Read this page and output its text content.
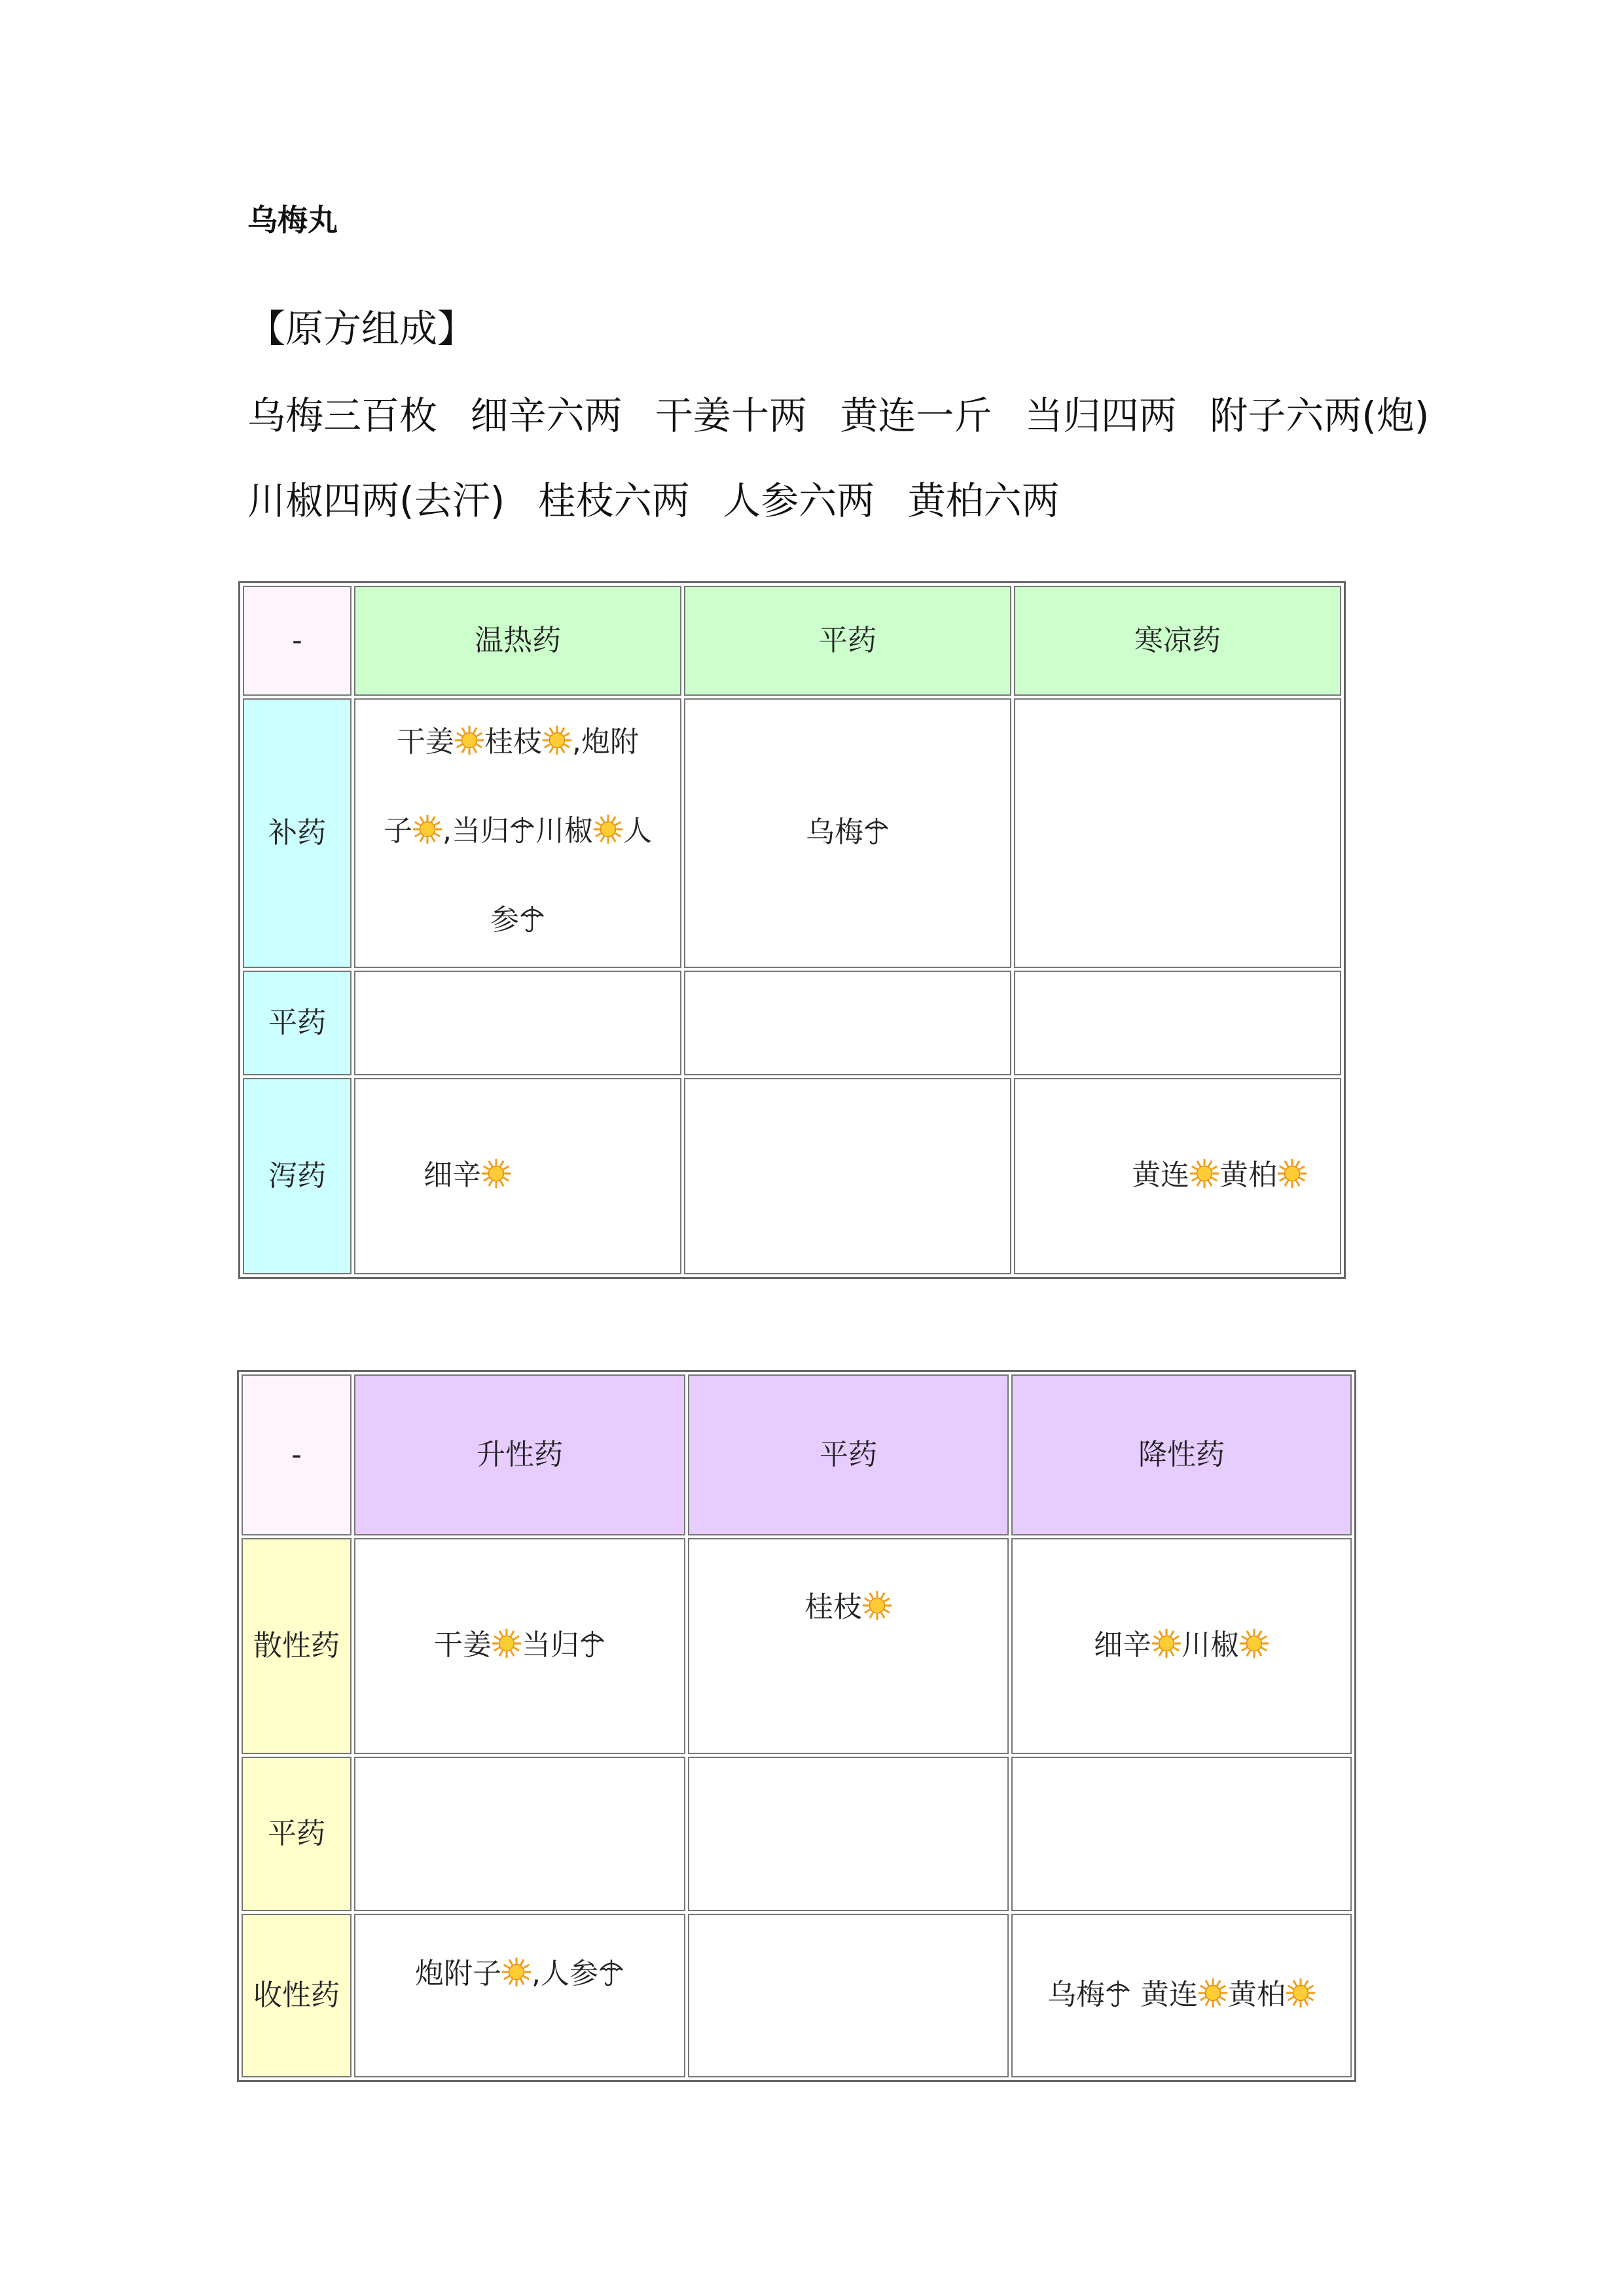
乌梅丸
【原方组成】
乌梅三百枚 细辛六两 干姜十两 黄连一斤 当归四两 附子六两(炮)
川椒四两(去汗) 桂枝六两 人参六两 黄柏六两
-	温热药	平药	寒凉药
补药	干姜 桂枝 ,炮附
子 ,当归 川椒 人
参	乌梅	
平药			
泻药	细辛		黄连 黄柏
-	升性药	平药	降性药
散性药	干姜 当归	桂枝	细辛 川椒
平药			
收性药	炮附子 ,人参		乌梅 黄连 黄柏
